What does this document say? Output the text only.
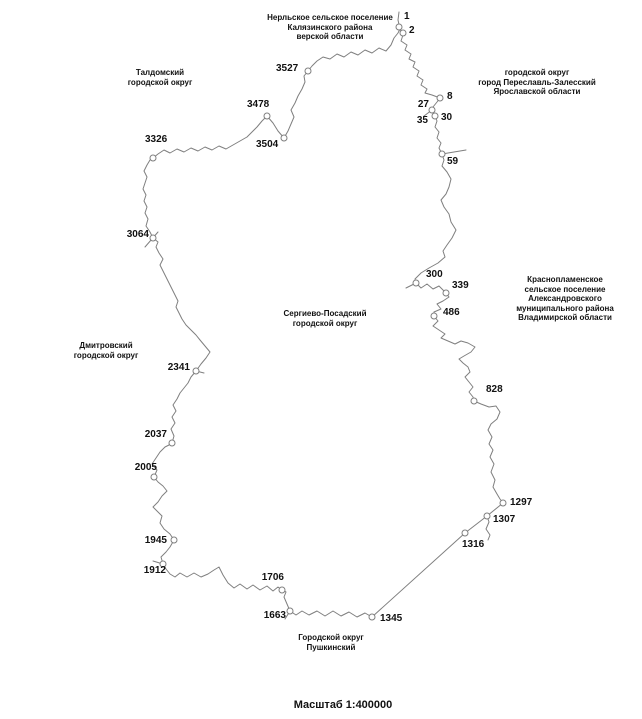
Нерльское сельское поселение
Калязинского района
верской области
Талдомский
городской округ
городской округ
город Переславль-Залесский
Ярославской области
Краснопламенское
сельское поселение
Александровского
муниципального района
Владимирской области
Сергиево-Посадский
городской округ
Дмитровский
городской округ
Городской округ
Пушкинский
1
2
8
27
30
35
59
300
339
486
828
1297
1307
1316
1345
1663
1706
1912
1945
2005
2037
2341
3064
3326
3478
3504
3527
Масштаб 1:400000
